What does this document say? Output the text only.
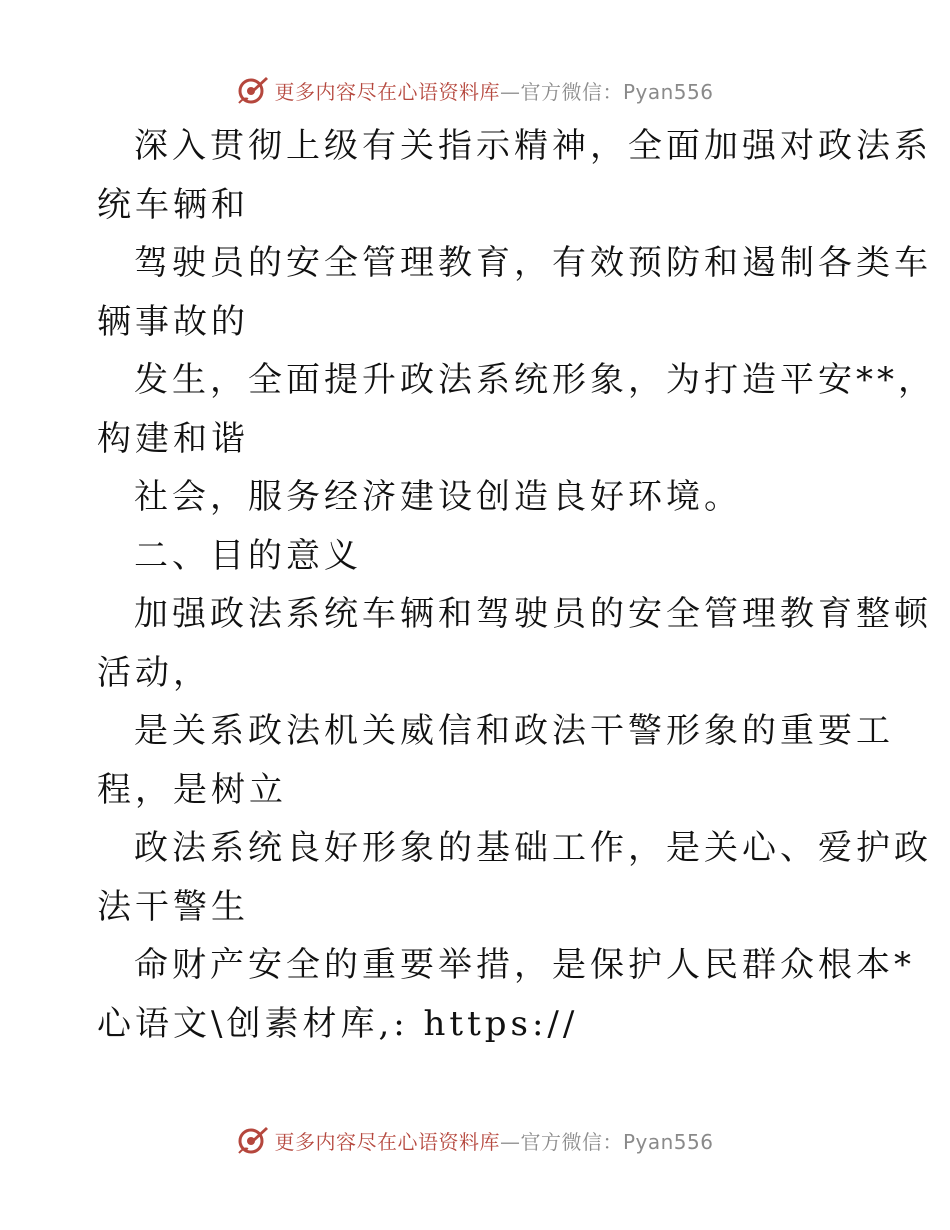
更多内容尽在心语资料库—官方微信：Pyan556
深入贯彻上级有关指示精神，全面加强对政法系
统车辆和
驾驶员的安全管理教育，有效预防和遏制各类车
辆事故的
发生，全面提升政法系统形象，为打造平安**，
构建和谐
社会，服务经济建设创造良好环境。
二、目的意义
加强政法系统车辆和驾驶员的安全管理教育整顿
活动，
是关系政法机关威信和政法干警形象的重要工
程，是树立
政法系统良好形象的基础工作，是关心、爱护政
法干警生
命财产安全的重要举措，是保护人民群众根本*
心语文\创素材库,: https://
更多内容尽在心语资料库—官方微信：Pyan556
